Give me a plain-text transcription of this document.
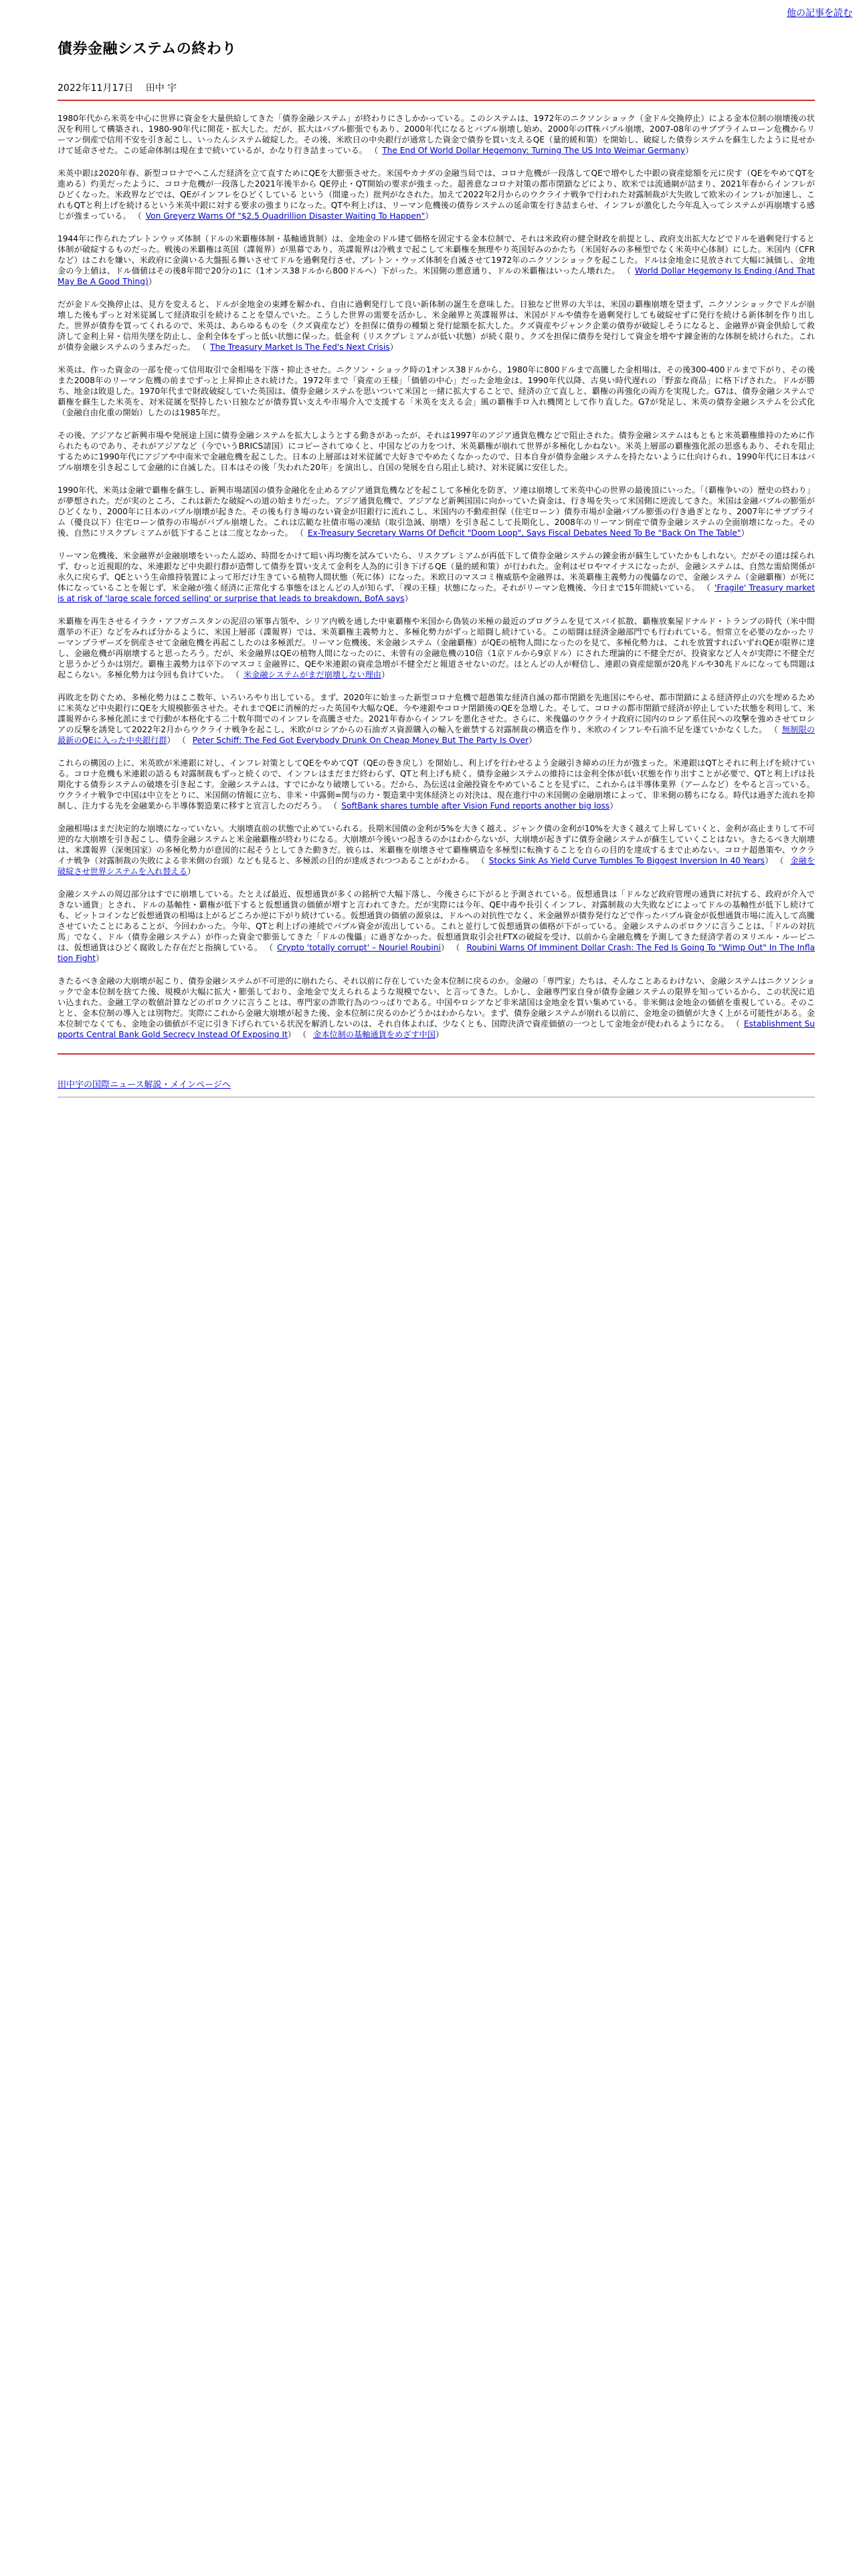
他の記事を読む
債券金融システムの終わり
2022年11月17日 田中 宇

1980年代から米英を中心に世界に資金を大量供給してきた「債券金融システム」が終わりにさしかかっている。このシステムは、1972年のニクソンショック（金ドル交換停止）による金本位制の崩壊後の状況を利用して構築され、1980-90年代に開花・拡大した。だが、拡大はバブル膨張でもあり、2000年代になるとバブル崩壊し始め、2000年のIT株バブル崩壊、2007-08年のサブプライムローン危機からリーマン倒産で信用不安を引き起こし、いったんシステム破綻した。その後、米欧日の中央銀行が通常した資金で債券を買い支えるQE（量的緩和策）を開始し、破綻した債券システムを蘇生したように見せかけて延命させた。この延命体制は現在まで続いているが、かなり行き詰まっている。 （ The End Of World Dollar Hegemony: Turning The US Into Weimar Germany）

米英中銀は2020年春、新型コロナでへこんだ経済を立て直すためにQEを大膨張させた。米国やカナダの金融当局では、コロナ危機が一段落してQEで増やした中銀の資産総額を元に戻す（QEをやめてQTを進める）灼美だったように、コロナ危機が一段落した2021年後半から QE停止・QT開始の要求が強まった。超善意なコロナ対策の都市閉鎖などにより、欧米では流通網が詰まり、2021年春からインフレがひどくなった。米政界などでは、QEがインフレをひどくしている という（間違った）批判がなされた。加えて2022年2月からのウクライナ戦争で行われた対露制裁が大失敗して欧米のインフレが加速し、これもQTと利上げを続けるという米英中銀に対する要求の強まりになった。QTや利上げは、リーマン危機後の債券システムの延命策を行き詰まらせ、インフレが激化した今年乱入ってシステムが再崩壊する感じが強まっている。 （ Von Greyerz Warns Of "$2.5 Quadrillion Disaster Waiting To Happen"）

1944年に作られたブレトンウッズ体制（ドルの米覇権体制・基軸通貨制）は、金地金のドル建て価格を固定する金本位制で、それは米政府の健全財政を前提とし、政府支出拡大などでドルを過剰発行すると体制が破綻するものだった。戦後の米覇権は英国（諜報界）が黒幕であり、英諜報界は冷戦まで起こして米覇権を無理やり英国好みのかたち（米国好みの多極型でなく米英中心体制）にした。米国内（CFRなど）はこれを嫌い、米政府に金満いる大盤振る舞いさせてドルを過剰発行させ、ブレトン・ウッズ体制を自滅させて1972年のニクソンショックを起こした。ドルは金地金に見放されて大幅に減価し、金地金の今上値は、ドル価値はその後8年間で20分の1に（1オンス38ドルから800ドルへ）下がった。米国側の悪意通り、ドルの米覇権はいったん壊れた。 （ World Dollar Hegemony Is Ending (And That May Be A Good Thing)）

だが金ドル交換停止は、見方を変えると、ドルが金地金の束縛を解かれ、自由に過剰発行して良い新体制の誕生を意味した。日独など世界の大半は、米国の覇権崩壊を望まず、ニクソンショックでドルが崩壊した後もずっと対米従属して経済取引を続けることを望んでいた。こうした世界の需要を活かし、米金融界と英諜報界は、米国がドルや債券を過剰発行しても破綻せずに発行を続ける新体制を作り出した。世界が債券を買ってくれるので、米英は、あらゆるものを（クズ資産など）を担保に債券の種類と発行総額を拡大した。クズ資産やジャンク企業の債券が破綻しそうになると、金融界が資金供給して救済して金利上昇・信用失墜を防止し、金利全体をずっと低い状態に保った。低金利（リスクプレミアムが低い状態）が続く限り、クズを担保に債券を発行して資金を増やす錬金術的な体制を続けられた。これが債券金融システムのうまみだった。 （ The Treasury Market Is The Fed's Next Crisis）

米英は、作った資金の一部を使って信用取引で金相場を下落・抑止させた。ニクソン・ショック時の1オンス38ドルから、1980年に800ドルまで高騰した金相場は、その後300-400ドルまで下がり、その後また2008年のリーマン危機の前までずっと上昇抑止され続けた。1972年まで「資産の王様」「価値の中心」だった金地金は、1990年代以降、古臭い時代遅れの「野蛮な商品」に格下げされた。ドルが勝ち、地金は敗退した。1970年代まで財政破綻していた英国は、債券金融システムを思いついて米国と一緒に拡大することで、経済の立て直しと、覇権の再強化の両方を実現した。G7は、債券金融システムで覇権を蘇生した米英を、対米従属を堅持したい日独などが債券買い支えや市場介入で支援する「米英を支える会」風の覇権手ロ入れ機関として作り直した。G7が発足し、米英の債券金融システムを公式化（金融自由化重の開始）したのは1985年だ。

その後、アジアなど新興市場や発展途上国に債券金融システムを拡大しようとする動きがあったが、それは1997年のアジア通貨危機などで阻止された。債券金融システムはもともと米英覇権維持のために作られたものであり、それがアジアなど（今でいうBRICS諸国）にコピーされてゆくと、中国などの力をつけ、米英覇権が崩れて世界が多極化しかねない。米英上層部の覇権強化派の思惑もあり、それを阻止するために1990年代にアジアや中南米で金融危機を起こした。日本の上層部は対米従属で大好きでやめたくなかったので、日本自身が債券金融システムを持たないように仕向けられ、1990年代に日本はバブル崩壊を引き起こして金融的に自滅した。日本はその後「失われた20年」を演出し、自国の発展を自ら阻止し続け、対米従属に安住した。

1990年代、米英は金融で覇権を蘇生し、新興市場諸国の債券金融化を止めるアジア通貨危機などを起こして多極化を防ぎ、ソ連は崩壊して米英中心の世界の最後頂にいった。「（覇権争いの）歴史の終わり」が夢想された。だが実のところ、これは新たな破綻への道の始まりだった。アジア通貨危機で、アジアなど新興国国に向かっていた資金は、行き場を失って米国側に逆流してきた。米国は金融バブルの膨張がひどくなり、2000年に日本のバブル崩壊が起きた。その後も行き場のない資金が旧銀行に流れこし、米国内の不動産担保（住宅ローン）債券市場が金融バブル膨張の行き過ぎとなり、2007年にサブプライム（優良以下）住宅ローン債券の市場がバブル崩壊した。これは広範な社債市場の凍結（取引急減、崩壊）を引き起こして長期化し、2008年のリーマン倒産で債券金融システムの全面崩壊になった。その後、自然にリスクプレミアムが低下することは二度となかった。 （ Ex-Treasury Secretary Warns Of Deficit "Doom Loop", Says Fiscal Debates Need To Be "Back On The Table"）

リーマン危機後、米金融界が金融崩壊をいったん認め、時間をかけて暗い再均衡を試みていたら、リスクプレミアムが再低下して債券金融システムの錬金術が蘇生していたかもしれない。だがその道は採られず、むっと近視眼的な、米連銀など中央銀行群が造幣して債券を買い支えて金利を人為的に引き下げるQE（量的緩和策）が行われた。金利はゼロやマイナスになったが、金融システムは、自然な需給関係が永久に戻らず、QEという生命維持装置によって形だけ生きている植物人間状態（死に体）になった。米欧日のマスコミ権威筋や金融界は、米英覇権主義勢力の傀儡なので、金融システム（金融覇権）が死に体になっていることを報じず、米金融が強く経済に正常化する事態をほとんどの人が知らず、「裸の王様」状態になった。それがリーマン危機後、今日まで15年間続いている。 （ 'Fragile' Treasury market is at risk of 'large scale forced selling' or surprise that leads to breakdown, BofA says）

米覇権を再生させるイラク・アフガニスタンの泥沼の軍事占領や、シリア内戦を通した中東覇権や米国から偽装の米極の最近のプログラムを見てスパイ拡散、覇権放棄屋ドナルド・トランプの時代（米中間選挙の不正）などをみれば分かるように、米国上層部（諜報界）では、米英覇権主義勢力と、多極化勢力がずっと暗闘し続けている。この暗闘は経済金融部門でも行われている。恒常立を必要のなかったリーマンブラザーズを倒産させて金融危機を再起こしたのは多極派だ。リーマン危機後、米金融システム（金融覇権）がQEの植物人間になったのを見て、多極化勢力は、これを放置すればいずれQEが限界に達し、金融危機が再崩壊すると思ったろう。だが、米金融界はQEの植物人間になったのに、未曾有の金融危機の10倍（1京ドルから9京ドル）にされた理論的に不健全だが、投資家など人々が実際に不健全だと思うかどうかは別だ。覇権主義勢力は卒下のマスコミ金融界に、QEや米連銀の資産急増が不健全だと報道させないのだ。ほとんどの人が軽信し、連銀の資産総額が20兆ドルや30兆ドルになっても問題は起こらない。多極化勢力は今回も負けていた。 （ 米金融システムがまだ崩壊しない理由）

再敗北を防ぐため、多極化勢力はここ数年、いろいろやり出している。まず、2020年に始まった新型コロナ危機で超愚策な経済自滅の都市閉鎖を先進国にやらせ、都市閉鎖による経済停止の穴を埋めるために米英など中央銀行にQEを大規模膨張させた。それまでQEに消極的だった英国や大幅なQE、今や連銀やコロナ閉鎖後のQEを急増した。そして、コロナの都市閉鎖で経済が停止していた状態を利用して、米諜報界から多極化派にまで行動が本格化する二十数年間でのインフレを高騰させた。2021年春からインフレを悪化させた。さらに、米傀儡のウクライナ政府に国内のロシア系住民への攻撃を強めさせてロシアの反撃を誘発して2022年2月からウクライナ戦争を起こし、米欧がロシアからの石油ガス資源購入の輸入を厳禁する対露制裁の構造を作り、米欧のインフレや石油不足を遂ていかなくした。 （ 無制限の最新のQEに入った中央銀行群） （ Peter Schiff: The Fed Got Everybody Drunk On Cheap Money But The Party Is Over）

これらの構図の上に、米英欧が米連銀に対し、インフレ対策としてQEをやめてQT（QEの巻き戻し）を開始し、利上げを行わせるよう金融引き締めの圧力が強まった。米連銀はQTとそれに利上げを続けている。コロナ危機も米連銀の語るも対露制裁もずっと続くので、インフレはまだまだ終わらず、QTと利上げも続く。債券金融システムの維持には金利全体が低い状態を作り出すことが必要で、QTと利上げは長期化する債券システムの破壊を引き起こす。金融システムは、すでにかなり破壊している。だから、為伝送は金融投資をやめていることを見ずに、これからは半導体業界（アームなど）をやると言っている。ウクライナ戦争で中国は中立をとりに、米国側の情報に立ち、非米・中露側=関与の力・製造業中実体経済との対決は、現在進行中の米国側の金融崩壊によって、非米側の勝ちになる。時代は過ぎた流れを抑制し、注力する先を金融業から半導体製造業に移すと宣言したのだろう。 （ SoftBank shares tumble after Vision Fund reports another big loss）

金融相場はまだ決定的な崩壊になっていない。大崩壊直前の状態で止めていられる。長期米国債の金利が5%を大きく越え、ジャンク債の金利が10%を大きく越えて上昇していくと、金利が高止まりして不可逆的な大崩壊を引き起こし、債券金融システムと米金融覇権が終わりになる。大崩壊が今後いつ起きるのかはわからないが、大崩壊が起きずに債券金融システムが蘇生していくことはない。きたるべき大崩壊は、米諜報界（深奥国家）の多極化勢力が意図的に起そうとしてきた動きだ。彼らは、米覇権を崩壊させて覇権構造を多極型に転換することを自らの目的を達成するまで止めない。コロナ超愚策や、ウクライナ戦争（対露制裁の失敗による非米側の台頭）なども見ると、多極派の目的が達成されつつあることがわかる。 （ Stocks Sink As Yield Curve Tumbles To Biggest Inversion In 40 Years） （ 金融を破綻させ世界システムを入れ替える）

金融システムの周辺部分はすでに崩壊している。たとえば最近、仮想通貨が多くの銘柄で大幅下落し、今後さらに下がると予測されている。仮想通貨は「ドルなど政府管理の通貨に対抗する、政府が介入できない通貨」とされ、ドルの基軸性・覇権が低下すると仮想通貨の価値が増すと言われてきた。だが実際には今年、QE中毒や長引くインフレ、対露制裁の大失敗などによってドルの基軸性が低下し続けても、ビットコインなど仮想通貨の相場は上がるどころか逆に下がり続けている。仮想通貨の価値の源泉は、ドルへの対抗性でなく、米金融界が債券発行などで作ったバブル資金が仮想通貨市場に流入して高騰させていたことにあることが、今回わかった。今年、QTと利上げの連続でバブル資金が流出している。これと並行して仮想通貨の価格が下がっている。金融システムのポロクソに言うことは、「ドルの対抗馬」でなく、ドル（債券金融システム）が作った資金で膨張してきた「ドルの傀儡」に過ぎなかった。仮想通貨取引会社FTXの破綻を受け、以前から金融危機を予測してきた経済学者のヌリエル・ルービニは、仮想通貨はひどく腐敗した存在だと指摘している。 （ Crypto 'totally corrupt' – Nouriel Roubini） （ Roubini Warns Of Imminent Dollar Crash: The Fed Is Going To "Wimp Out" In The Inflation Fight）

きたるべき金融の大崩壊が起こり、債券金融システムが不可逆的に崩れたら、それ以前に存在していた金本位制に戻るのか。金融の「専門家」たちは、そんなことあるわけない、金融システムはニクソンショックで金本位制を捨てた後、規模が大幅に拡大・膨張しており、金地金で支えられるような規模でない、と言ってきた。しかし、金融専門家自身が債券金融システムの限界を知っているから、この状況に追い込まれた。金融工学の数値計算などのボロクソに言うことは、専門家の詐欺行為のつっぱりである。中国やロシアなど非米諸国は金地金を買い集めている。非米側は金地金の価値を重視している。そのことと、金本位制の導入とは別物だ。実際にこれから金融大崩壊が起きた後、金本位制に戻るのかどうかはわからない。まず、債券金融システムが崩れる以前に、金地金の価値が大きく上がる可能性がある。金本位制でなくても、金地金の価値が不定に引き下げられている状況を解消しないのは、それ自体よれば、少なくとも、国際決済で資産価値の一つとして金地金が使われるようになる。 （ Establishment Supports Central Bank Gold Secrecy Instead Of Exposing It） （ 金本位制の基軸通貨をめざす中国）

田中宇の国際ニュース解説・メインページへ
